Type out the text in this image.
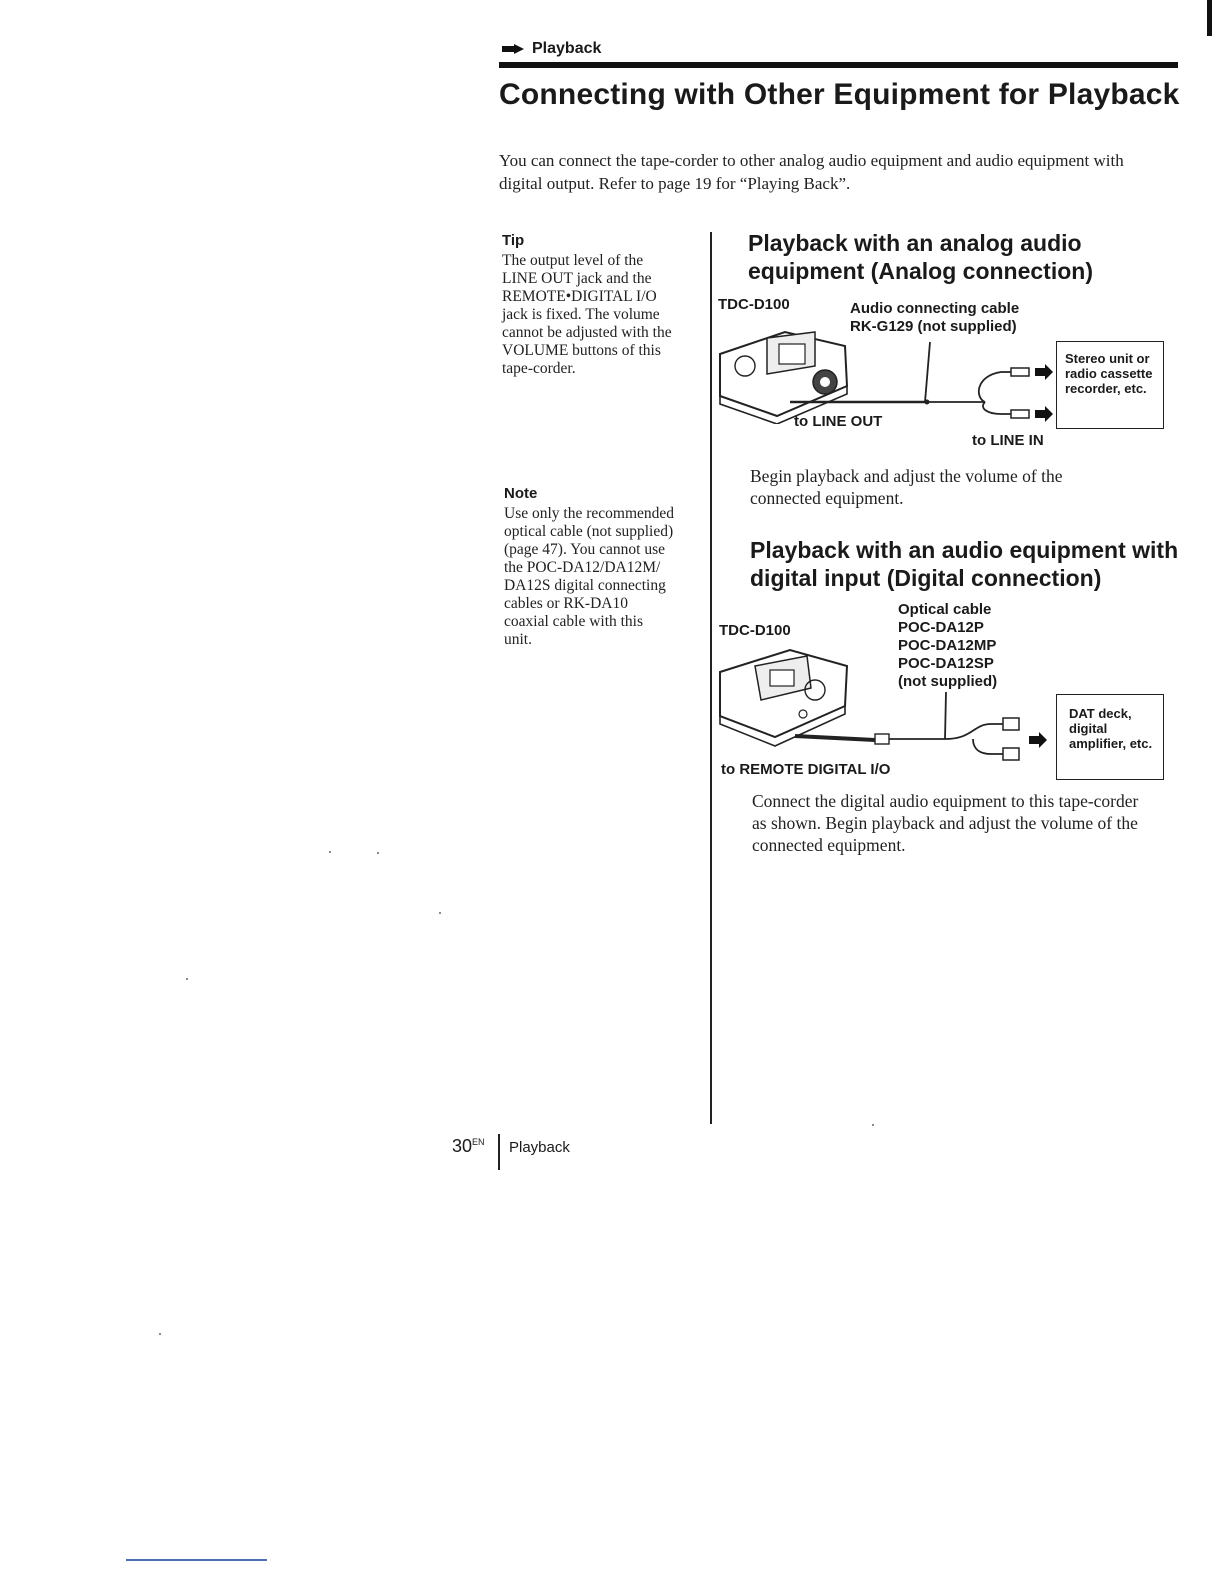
Playback
Connecting with Other Equipment for Playback

You can connect the tape-corder to other analog audio equipment and audio equipment with digital output. Refer to page 19 for “Playing Back”.

Tip
The output level of the LINE OUT jack and the REMOTE•DIGITAL I/O jack is fixed. The volume cannot be adjusted with the VOLUME buttons of this tape-corder.
Note
Use only the recommended optical cable (not supplied) (page 47). You cannot use the POC-DA12/DA12M/ DA12S digital connecting cables or RK-DA10 coaxial cable with this unit.
Playback with an analog audio equipment (Analog connection)
TDC-D100	Audio connecting cable
RK-G129 (not supplied)
Stereo unit or radio cassette recorder, etc.
to LINE OUT
to LINE IN

Begin playback and adjust the volume of the connected equipment.

Playback with an audio equipment with digital input (Digital connection)
Optical cable
POC-DA12P
POC-DA12MP
POC-DA12SP
(not supplied)
TDC-D100
DAT deck, digital amplifier, etc.
to REMOTE DIGITAL I/O

Connect the digital audio equipment to this tape-corder as shown. Begin playback and adjust the volume of the connected equipment.

$30^{EN}$ Playback
